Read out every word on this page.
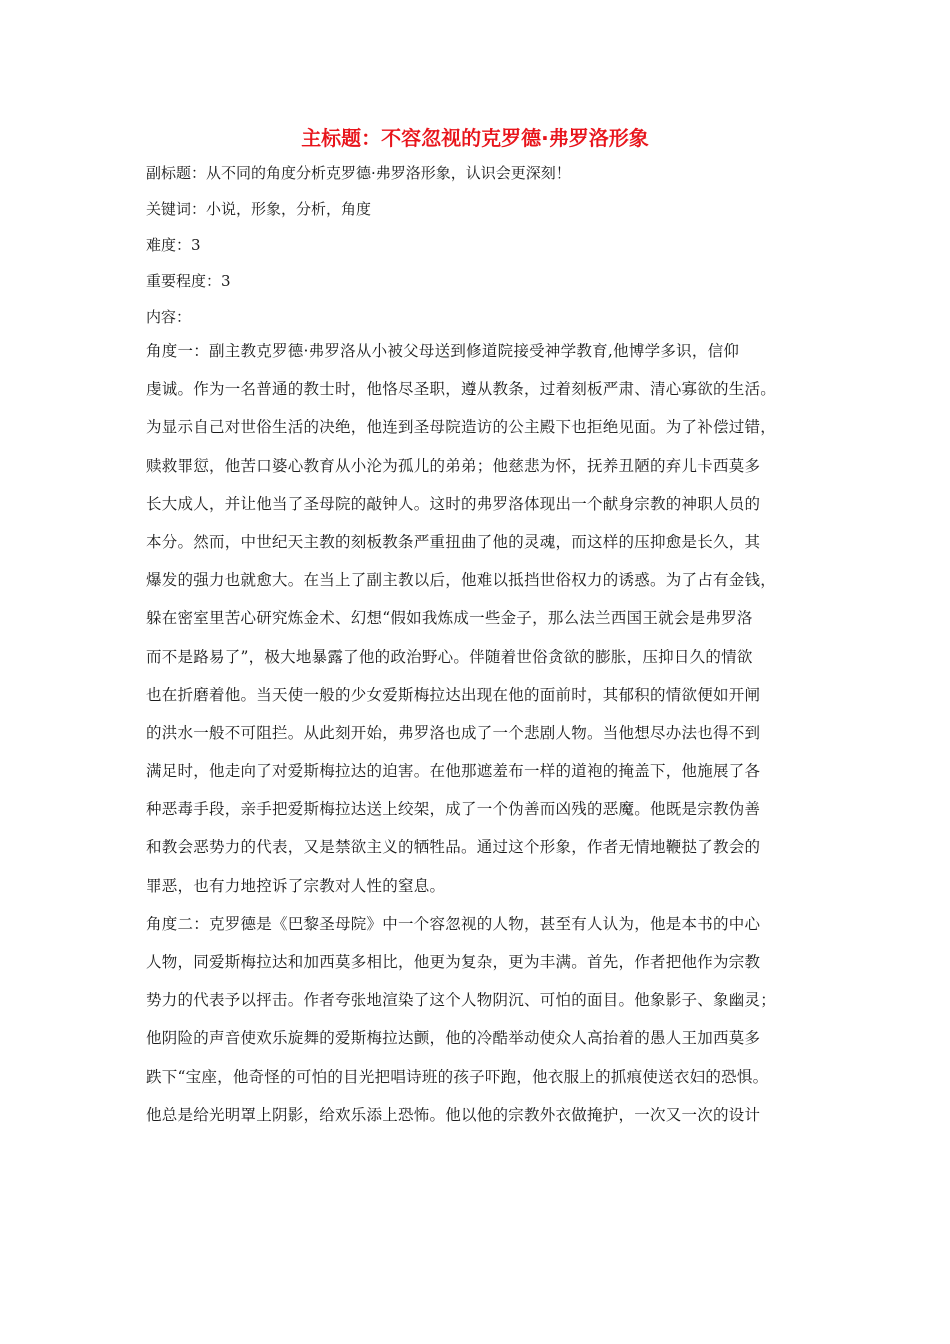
主标题：不容忽视的克罗德·弗罗洛形象
副标题：从不同的角度分析克罗德·弗罗洛形象，认识会更深刻！
关键词：小说，形象，分析，角度
难度：3
重要程度：3
内容：
角度一：副主教克罗德·弗罗洛从小被父母送到修道院接受神学教育,他博学多识，信仰
虔诚。作为一名普通的教士时，他恪尽圣职，遵从教条，过着刻板严肃、清心寡欲的生活。
为显示自己对世俗生活的决绝，他连到圣母院造访的公主殿下也拒绝见面。为了补偿过错，
赎救罪愆，他苦口婆心教育从小沦为孤儿的弟弟；他慈悲为怀，抚养丑陋的弃儿卡西莫多
长大成人，并让他当了圣母院的敲钟人。这时的弗罗洛体现出一个献身宗教的神职人员的
本分。然而，中世纪天主教的刻板教条严重扭曲了他的灵魂，而这样的压抑愈是长久，其
爆发的强力也就愈大。在当上了副主教以后，他难以抵挡世俗权力的诱惑。为了占有金钱，
躲在密室里苦心研究炼金术、幻想“假如我炼成一些金子，那么法兰西国王就会是弗罗洛
而不是路易了”，极大地暴露了他的政治野心。伴随着世俗贪欲的膨胀，压抑日久的情欲
也在折磨着他。当天使一般的少女爱斯梅拉达出现在他的面前时，其郁积的情欲便如开闸
的洪水一般不可阻拦。从此刻开始，弗罗洛也成了一个悲剧人物。当他想尽办法也得不到
满足时，他走向了对爱斯梅拉达的迫害。在他那遮羞布一样的道袍的掩盖下，他施展了各
种恶毒手段，亲手把爱斯梅拉达送上绞架，成了一个伪善而凶残的恶魔。他既是宗教伪善
和教会恶势力的代表，又是禁欲主义的牺牲品。通过这个形象，作者无情地鞭挞了教会的
罪恶，也有力地控诉了宗教对人性的窒息。
角度二：克罗德是《巴黎圣母院》中一个容忽视的人物，甚至有人认为，他是本书的中心
人物，同爱斯梅拉达和加西莫多相比，他更为复杂，更为丰满。首先，作者把他作为宗教
势力的代表予以抨击。作者夸张地渲染了这个人物阴沉、可怕的面目。他象影子、象幽灵；
他阴险的声音使欢乐旋舞的爱斯梅拉达颤，他的冷酷举动使众人高抬着的愚人王加西莫多
跌下“宝座，他奇怪的可怕的目光把唱诗班的孩子吓跑，他衣服上的抓痕使送衣妇的恐惧。
他总是给光明罩上阴影，给欢乐添上恐怖。他以他的宗教外衣做掩护，一次又一次的设计
